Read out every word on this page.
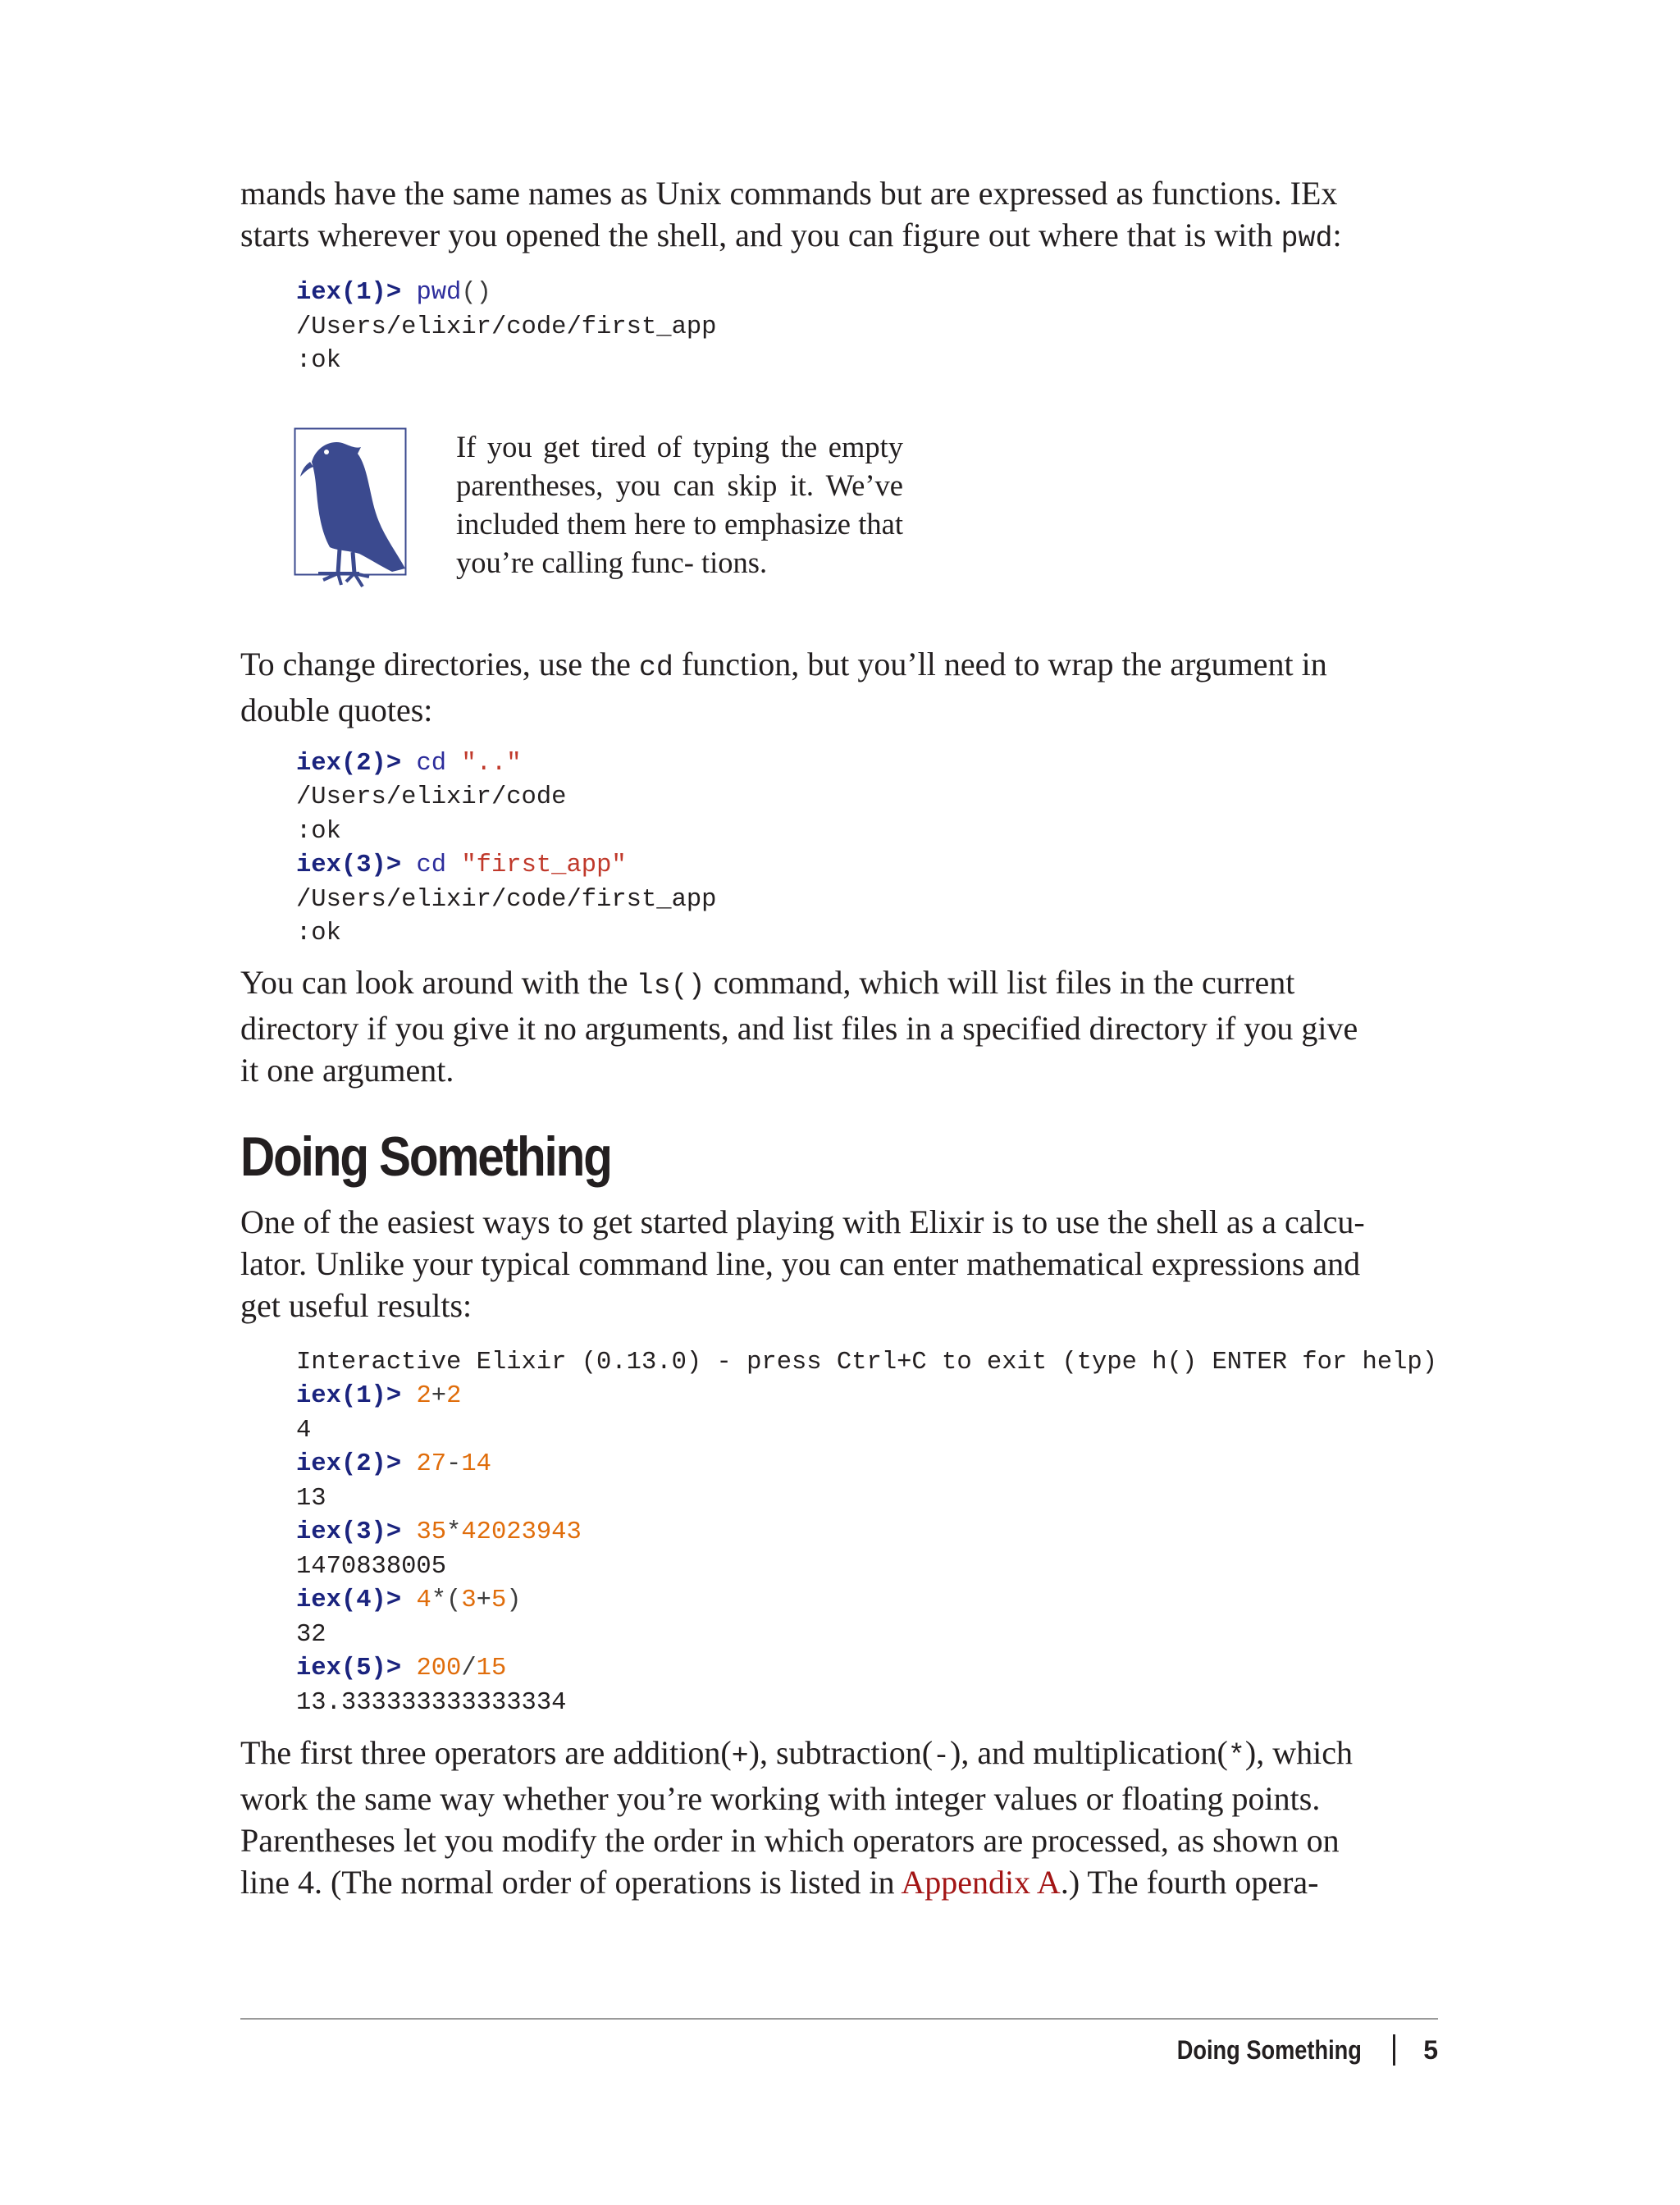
mands have the same names as Unix commands but are expressed as functions. IEx
starts wherever you opened the shell, and you can figure out where that is with pwd:

iex(1)> pwd()
/Users/elixir/code/first_app
:ok

If you get tired of typing the empty parentheses, you can skip it. We’ve included them here to emphasize that you’re calling func- tions.

To change directories, use the cd function, but you’ll need to wrap the argument in
double quotes:

iex(2)> cd ".."
/Users/elixir/code
:ok
iex(3)> cd "first_app"
/Users/elixir/code/first_app
:ok

You can look around with the ls() command, which will list files in the current
directory if you give it no arguments, and list files in a specified directory if you give
it one argument.

Doing Something

One of the easiest ways to get started playing with Elixir is to use the shell as a calcu-
lator. Unlike your typical command line, you can enter mathematical expressions and
get useful results:

Interactive Elixir (0.13.0) - press Ctrl+C to exit (type h() ENTER for help)
iex(1)> 2+2
4
iex(2)> 27-14
13
iex(3)> 35*42023943
1470838005
iex(4)> 4*(3+5)
32
iex(5)> 200/15
13.333333333333334

The first three operators are addition(+), subtraction(-), and multiplication(*), which
work the same way whether you’re working with integer values or floating points.
Parentheses let you modify the order in which operators are processed, as shown on
line 4. (The normal order of operations is listed in Appendix A.) The fourth opera-

Doing Something 5
